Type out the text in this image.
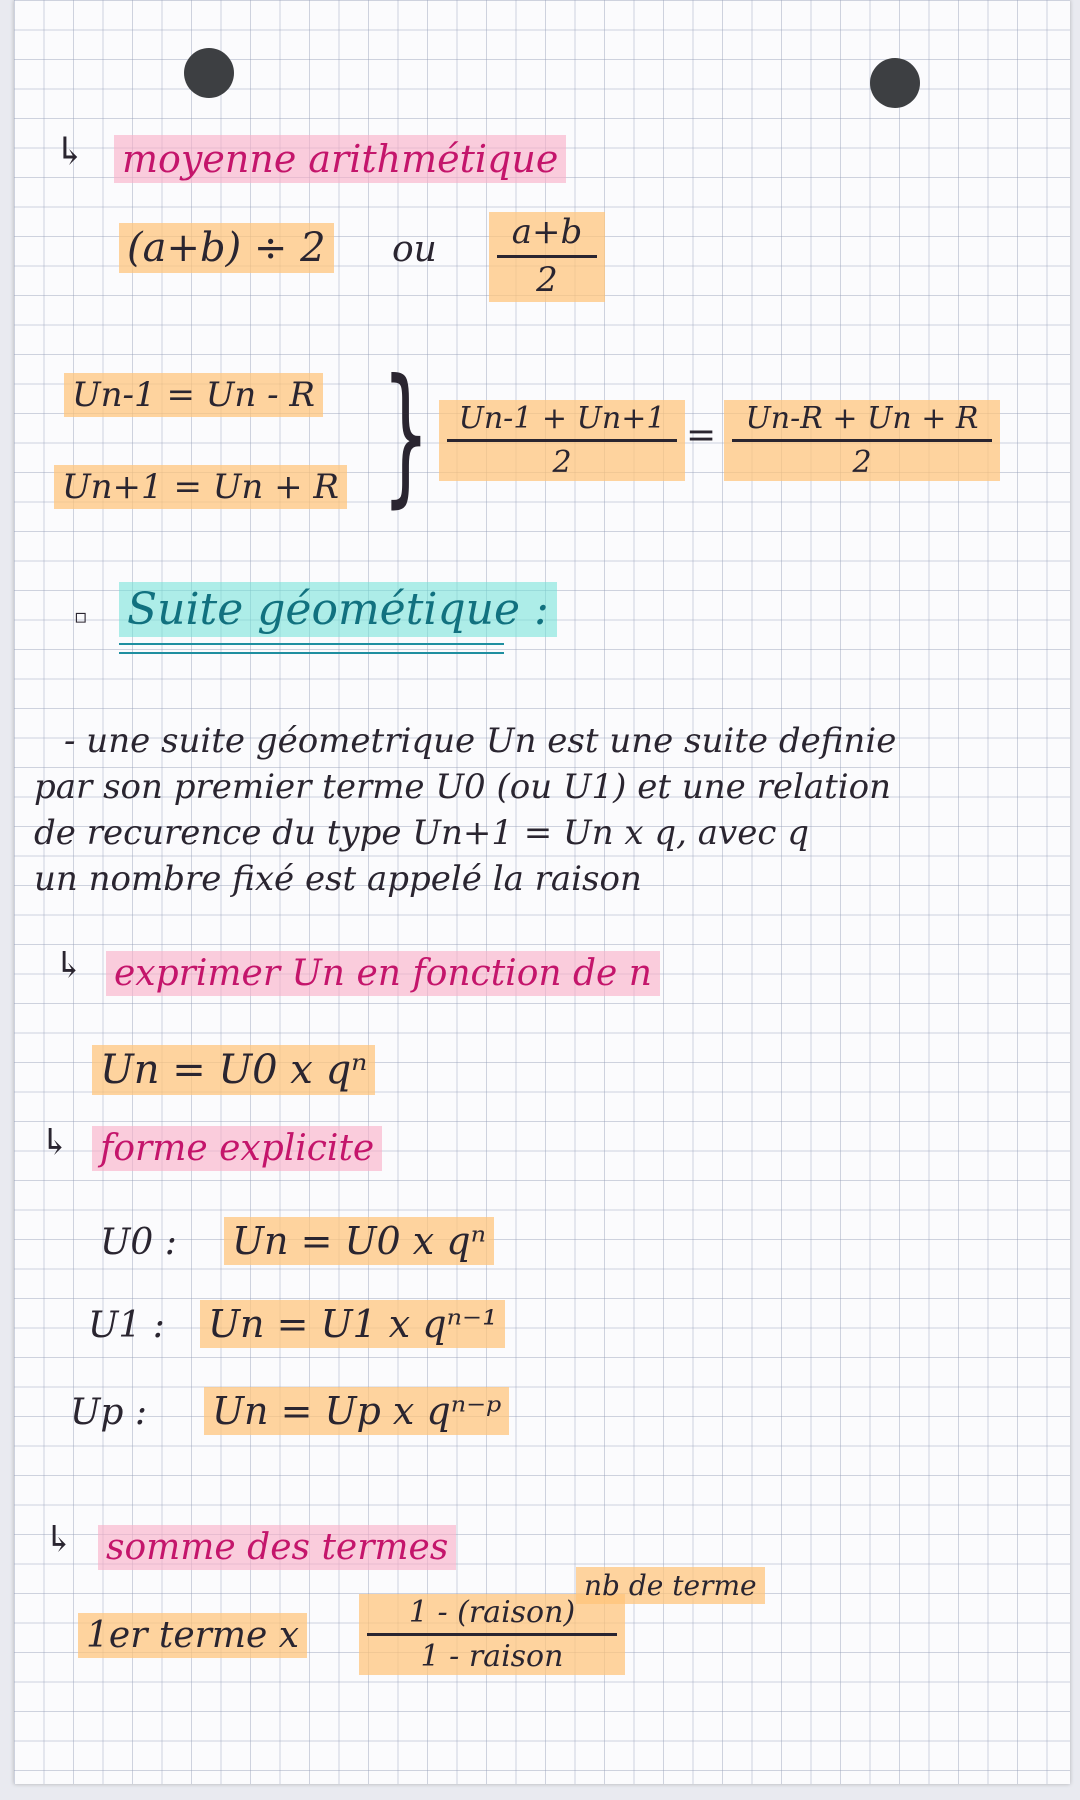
↳ moyenne arithmétique
(a+b) ÷ 2 ou	a+b
2
Un-1 = Un - R
Un+1 = Un + R } Un-1 + Un+1
2
= Un-R + Un + R
2
▫ Suite géométique :
- une suite géometrique Un est une suite definie
par son premier terme U0 (ou U1) et une relation
de recurence du type Un+1 = Un x q, avec q
un nombre fixé est appelé la raison
↳ exprimer Un en fonction de n
Un = U0 x qⁿ
↳ forme explicite
U0 : Un = U0 x qⁿ
U1 : Un = U1 x qⁿ⁻¹
Up : Un = Up x qⁿ⁻ᵖ
↳ somme des termes
1er terme x
1 - (raison)
1 - raison
nb de terme
